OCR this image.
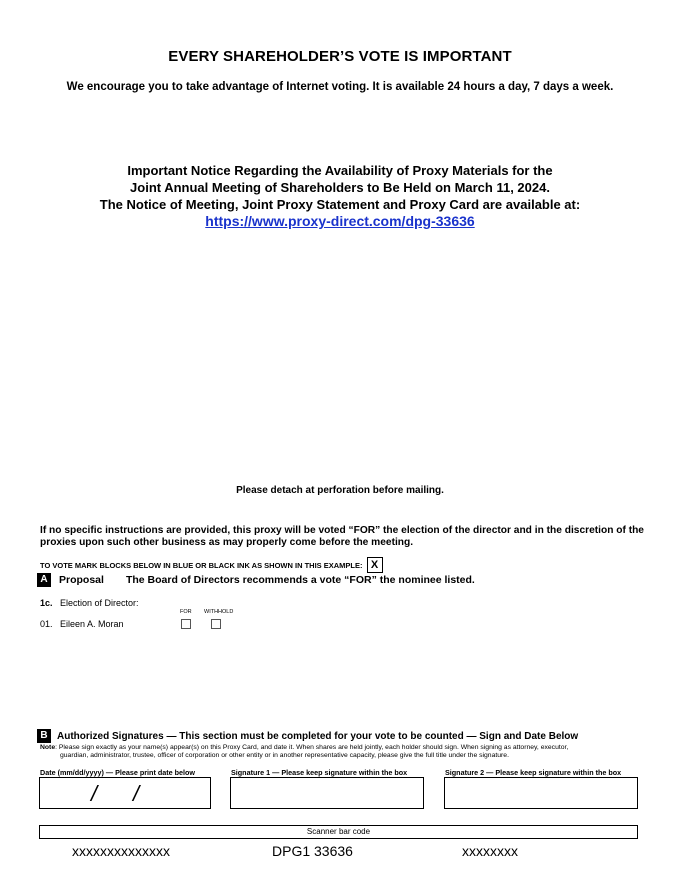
EVERY SHAREHOLDER’S VOTE IS IMPORTANT
We encourage you to take advantage of Internet voting. It is available 24 hours a day, 7 days a week.
Important Notice Regarding the Availability of Proxy Materials for the
Joint Annual Meeting of Shareholders to Be Held on March 11, 2024.
The Notice of Meeting, Joint Proxy Statement and Proxy Card are available at:
https://www.proxy-direct.com/dpg-33636
Please detach at perforation before mailing.
If no specific instructions are provided, this proxy will be voted “FOR” the election of the director and in the discretion of the proxies upon such other business as may properly come before the meeting.
TO VOTE MARK BLOCKS BELOW IN BLUE OR BLACK INK AS SHOWN IN THIS EXAMPLE: X
A	Proposal The Board of Directors recommends a vote “FOR” the nominee listed.
1c. Election of Director:
FOR WITHHOLD
01. Eileen A. Moran
B Authorized Signatures — This section must be completed for your vote to be counted — Sign and Date Below
Note: Please sign exactly as your name(s) appear(s) on this Proxy Card, and date it. When shares are held jointly, each holder should sign. When signing as attorney, executor,
guardian, administrator, trustee, officer of corporation or other entity or in another representative capacity, please give the full title under the signature.
Date (mm/dd/yyyy) — Please print date below	Signature 1 — Please keep signature within the box	Signature 2 — Please keep signature within the box
/ /
Scanner bar code
xxxxxxxxxxxxxx	DPG1 33636	xxxxxxxx
